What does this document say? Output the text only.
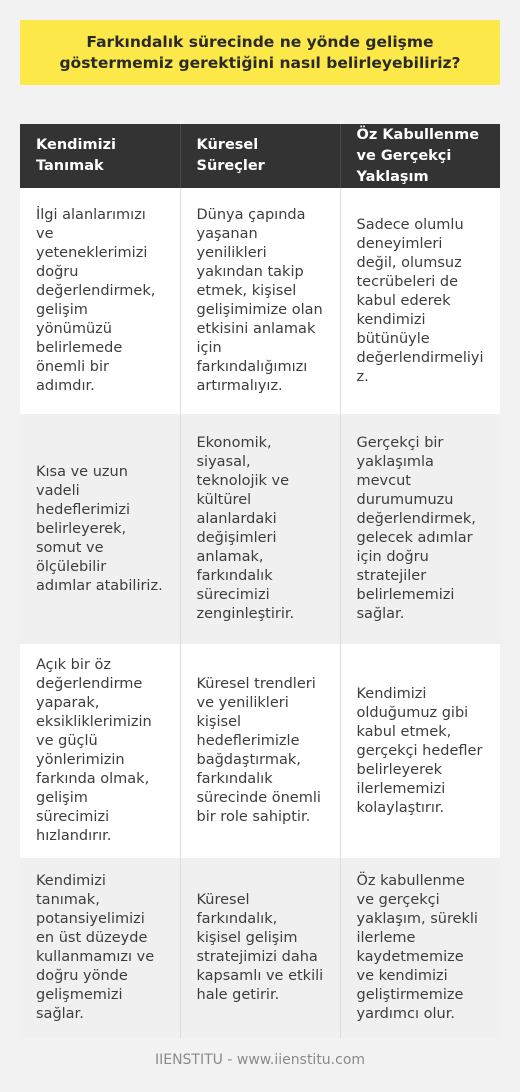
Farkındalık sürecinde ne yönde gelişme göstermemiz gerektiğini nasıl belirleyebiliriz?
Kendimizi Tanımak	Küresel Süreçler	Öz Kabullenme ve Gerçekçi Yaklaşım
İlgi alanlarımızı ve yeteneklerimizi doğru değerlendirmek, gelişim yönümüzü belirlemede önemli bir adımdır.	Dünya çapında yaşanan yenilikleri yakından takip etmek, kişisel gelişimimize olan etkisini anlamak için farkındalığımızı artırmalıyız.	Sadece olumlu deneyimleri değil, olumsuz tecrübeleri de kabul ederek kendimizi bütünüyle değerlendirmeliyiz.
Kısa ve uzun vadeli hedeflerimizi belirleyerek, somut ve ölçülebilir adımlar atabiliriz.	Ekonomik, siyasal, teknolojik ve kültürel alanlardaki değişimleri anlamak, farkındalık sürecimizi zenginleştirir.	Gerçekçi bir yaklaşımla mevcut durumumuzu değerlendirmek, gelecek adımlar için doğru stratejiler belirlememizi sağlar.
Açık bir öz değerlendirme yaparak, eksikliklerimizin ve güçlü yönlerimizin farkında olmak, gelişim sürecimizi hızlandırır.	Küresel trendleri ve yenilikleri kişisel hedeflerimizle bağdaştırmak, farkındalık sürecinde önemli bir role sahiptir.	Kendimizi olduğumuz gibi kabul etmek, gerçekçi hedefler belirleyerek ilerlememizi kolaylaştırır.
Kendimizi tanımak, potansiyelimizi en üst düzeyde kullanmamızı ve doğru yönde gelişmemizi sağlar.	Küresel farkındalık, kişisel gelişim stratejimizi daha kapsamlı ve etkili hale getirir.	Öz kabullenme ve gerçekçi yaklaşım, sürekli ilerleme kaydetmemize ve kendimizi geliştirmemize yardımcı olur.
IIENSTITU - www.iienstitu.com
